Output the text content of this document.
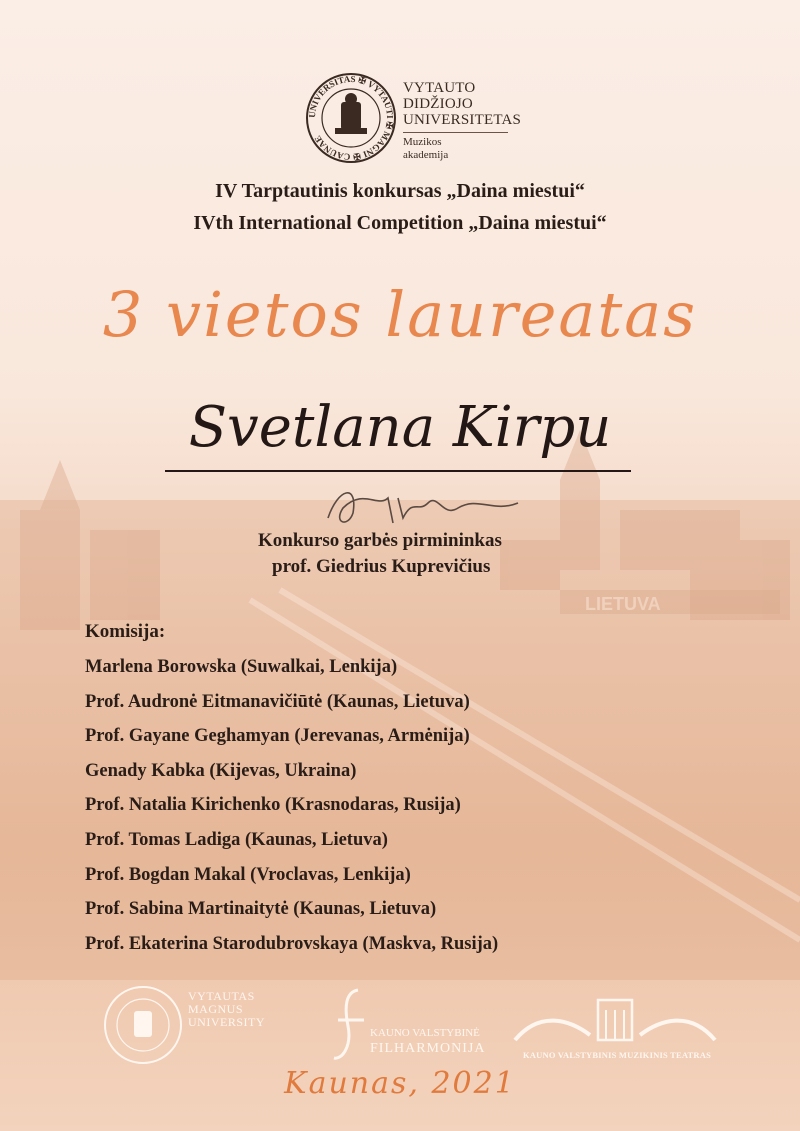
LIETUVA
UNIVERSITAS ✠ VYTAUTI ✠ MAGNI ✠ CAUNAE
VYTAUTO
DIDŽIOJO
UNIVERSITETAS
Muzikos
akademija
IV Tarptautinis konkursas „Daina miestui“
IVth International Competition „Daina miestui“
3 vietos laureatas
Svetlana Kirpu
Konkurso garbės pirmininkas
prof. Giedrius Kuprevičius
Komisija:
Marlena Borowska (Suwalkai, Lenkija)
Prof. Audronė Eitmanavičiūtė (Kaunas, Lietuva)
Prof. Gayane Geghamyan (Jerevanas, Armėnija)
Genady Kabka (Kijevas, Ukraina)
Prof. Natalia Kirichenko (Krasnodaras, Rusija)
Prof. Tomas Ladiga (Kaunas, Lietuva)
Prof. Bogdan Makal (Vroclavas, Lenkija)
Prof. Sabina Martinaitytė (Kaunas, Lietuva)
Prof. Ekaterina Starodubrovskaya (Maskva, Rusija)
VYTAUTAS
MAGNUS
UNIVERSITY
KAUNO VALSTYBINĖ
FILHARMONIJA	KAUNO VALSTYBINIS MUZIKINIS TEATRAS
Kaunas, 2021
